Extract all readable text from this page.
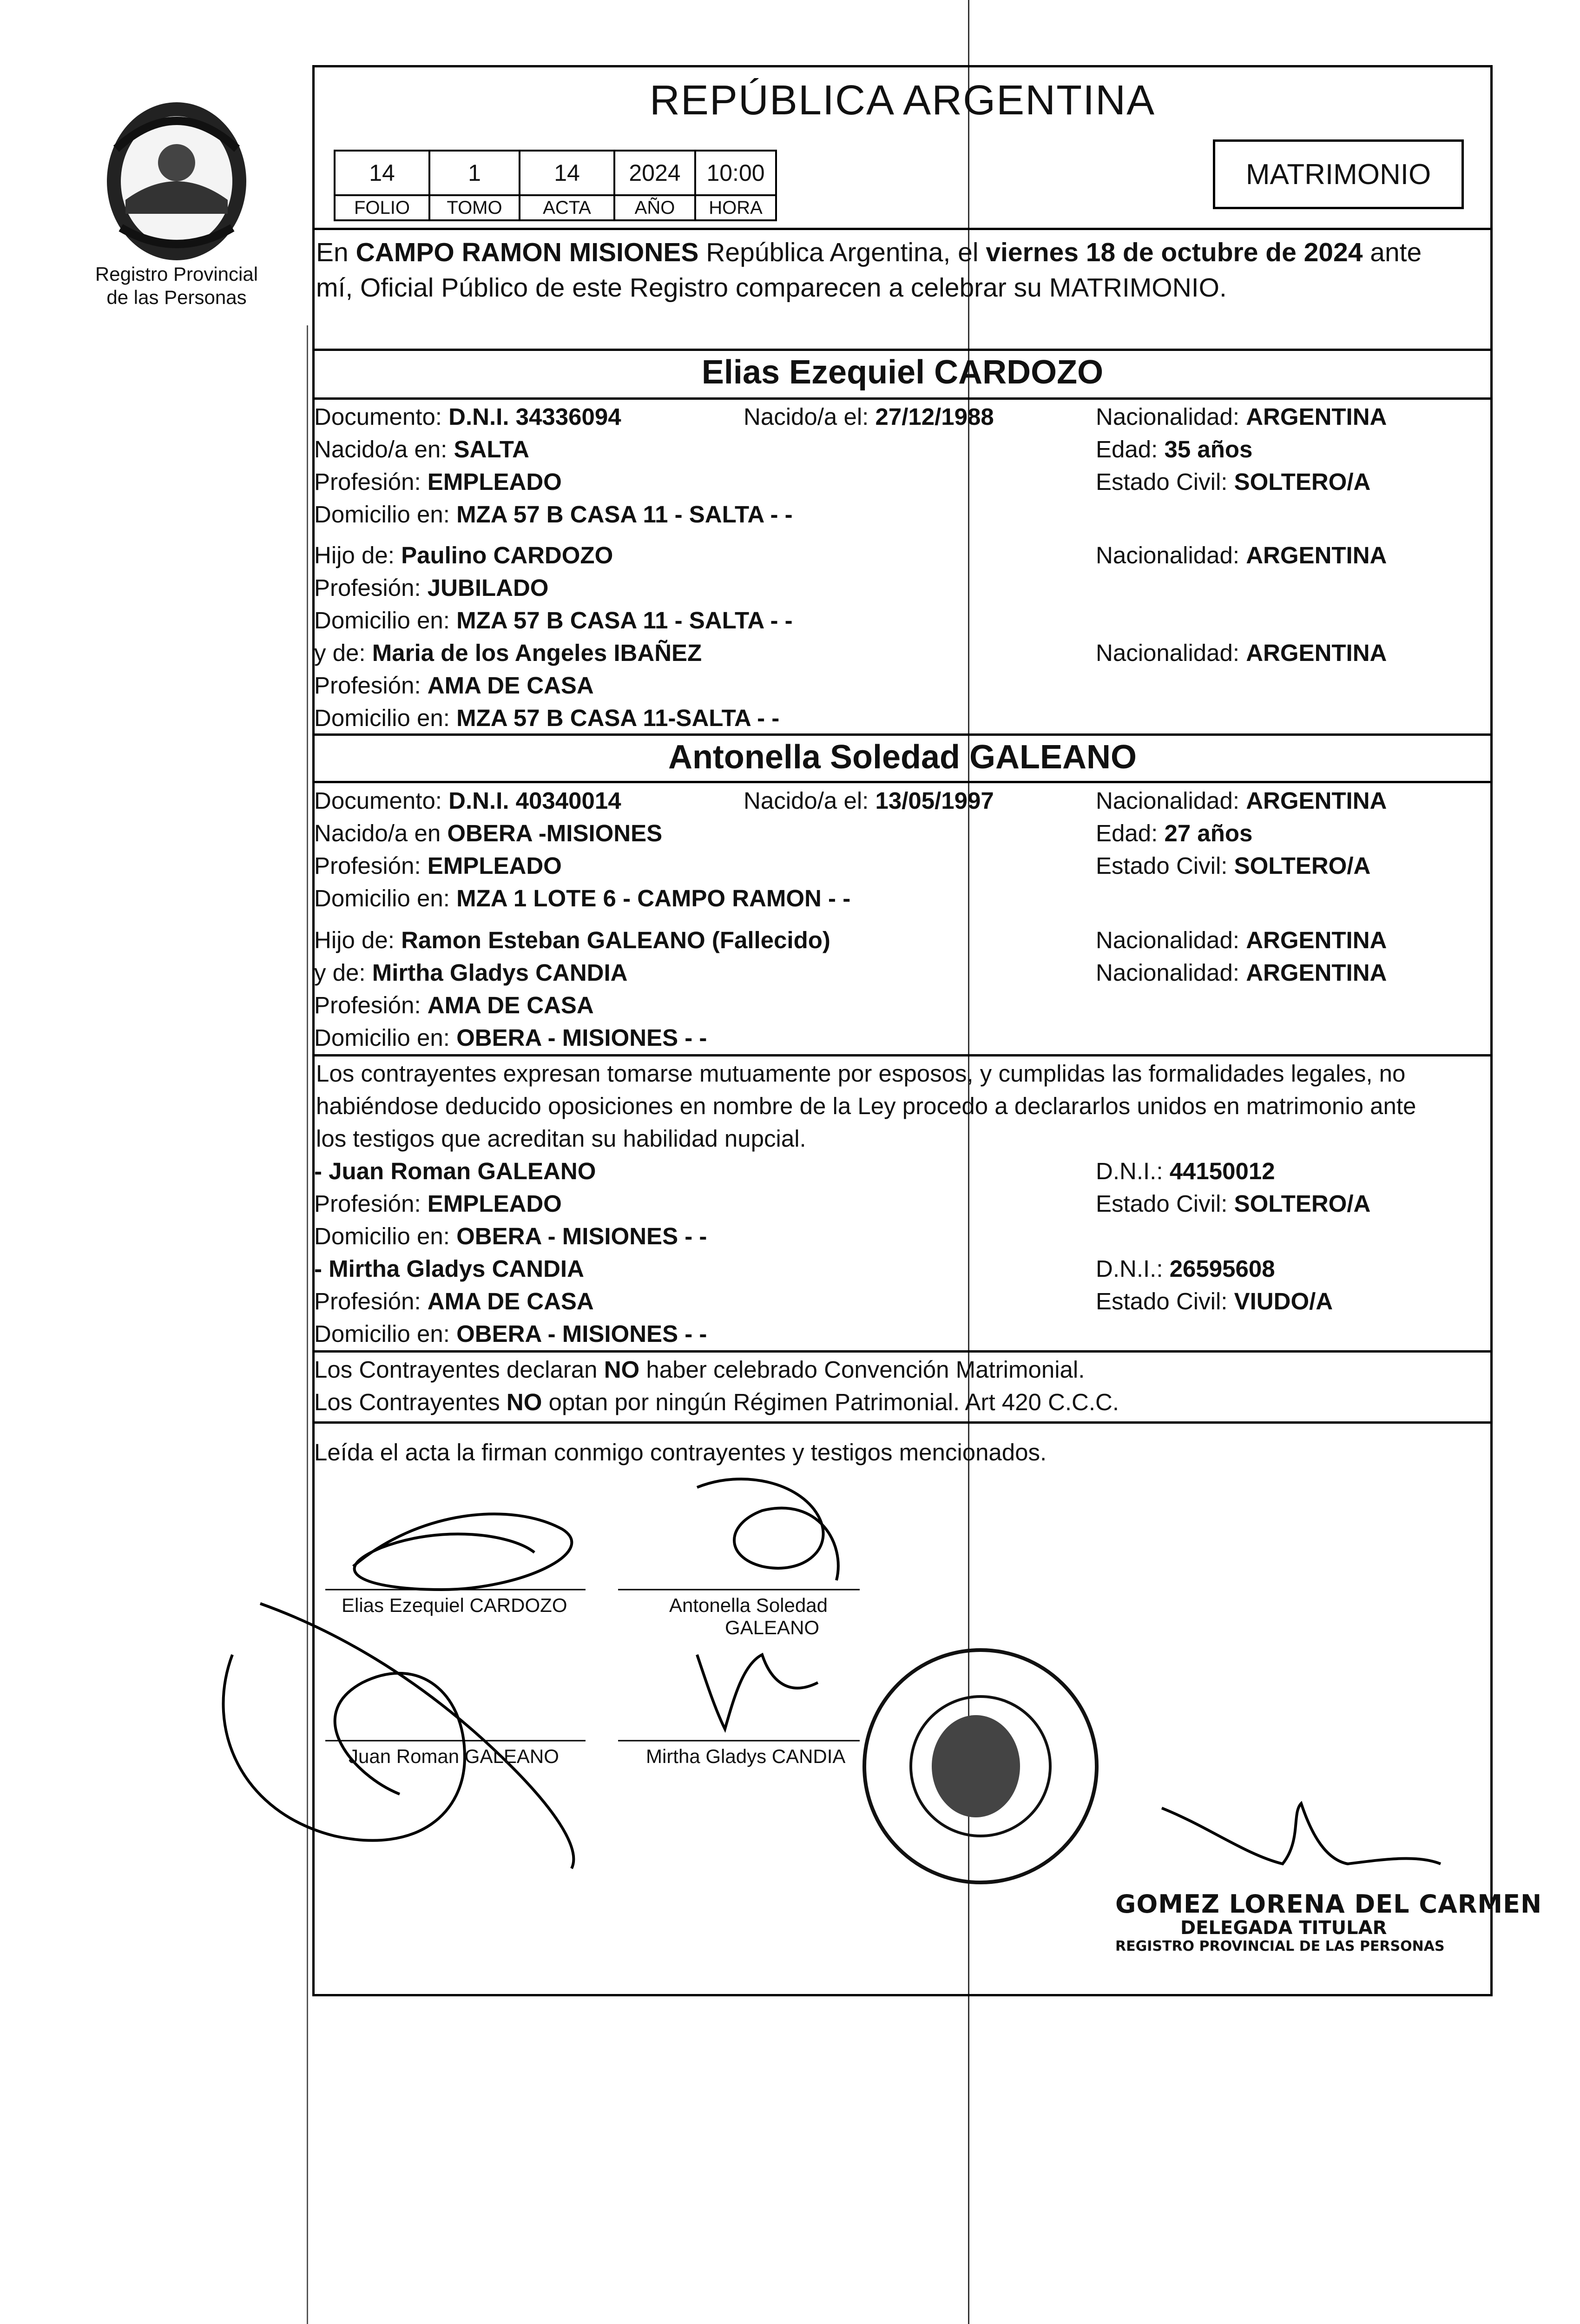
Registro Provincial
de las Personas
REPÚBLICA ARGENTINA
14	1	14	2024	10:00
FOLIO	TOMO	ACTA	AÑO	HORA
MATRIMONIO
En CAMPO RAMON MISIONES República Argentina, el viernes 18 de octubre de 2024 ante
mí, Oficial Público de este Registro comparecen a celebrar su MATRIMONIO.
Elias Ezequiel CARDOZO
Documento: D.N.I. 34336094	Nacido/a el: 27/12/1988	Nacionalidad: ARGENTINA
Nacido/a en: SALTA	Edad: 35 años
Profesión: EMPLEADO	Estado Civil: SOLTERO/A
Domicilio en: MZA 57 B CASA 11 - SALTA - -
Hijo de: Paulino CARDOZO	Nacionalidad: ARGENTINA
Profesión: JUBILADO
Domicilio en: MZA 57 B CASA 11 - SALTA - -
y de: Maria de los Angeles IBAÑEZ	Nacionalidad: ARGENTINA
Profesión: AMA DE CASA
Domicilio en: MZA 57 B CASA 11-SALTA - -
Antonella Soledad GALEANO
Documento: D.N.I. 40340014	Nacido/a el: 13/05/1997	Nacionalidad: ARGENTINA
Nacido/a en OBERA -MISIONES	Edad: 27 años
Profesión: EMPLEADO	Estado Civil: SOLTERO/A
Domicilio en: MZA 1 LOTE 6 - CAMPO RAMON - -
Hijo de: Ramon Esteban GALEANO (Fallecido)	Nacionalidad: ARGENTINA
y de: Mirtha Gladys CANDIA	Nacionalidad: ARGENTINA
Profesión: AMA DE CASA
Domicilio en: OBERA - MISIONES - -
Los contrayentes expresan tomarse mutuamente por esposos, y cumplidas las formalidades legales, no
habiéndose deducido oposiciones en nombre de la Ley procedo a declararlos unidos en matrimonio ante
los testigos que acreditan su habilidad nupcial.
- Juan Roman GALEANO	D.N.I.: 44150012
Profesión: EMPLEADO	Estado Civil: SOLTERO/A
Domicilio en: OBERA - MISIONES - -
- Mirtha Gladys CANDIA	D.N.I.: 26595608
Profesión: AMA DE CASA	Estado Civil: VIUDO/A
Domicilio en: OBERA - MISIONES - -
Los Contrayentes declaran NO haber celebrado Convención Matrimonial.
Los Contrayentes NO optan por ningún Régimen Patrimonial. Art 420 C.C.C.
Leída el acta la firman conmigo contrayentes y testigos mencionados.
Elias Ezequiel CARDOZO	Antonella Soledad
GALEANO
Juan Roman GALEANO	Mirtha Gladys CANDIA
GOMEZ LORENA DEL CARMEN
DELEGADA TITULAR
REGISTRO PROVINCIAL DE LAS PERSONAS
